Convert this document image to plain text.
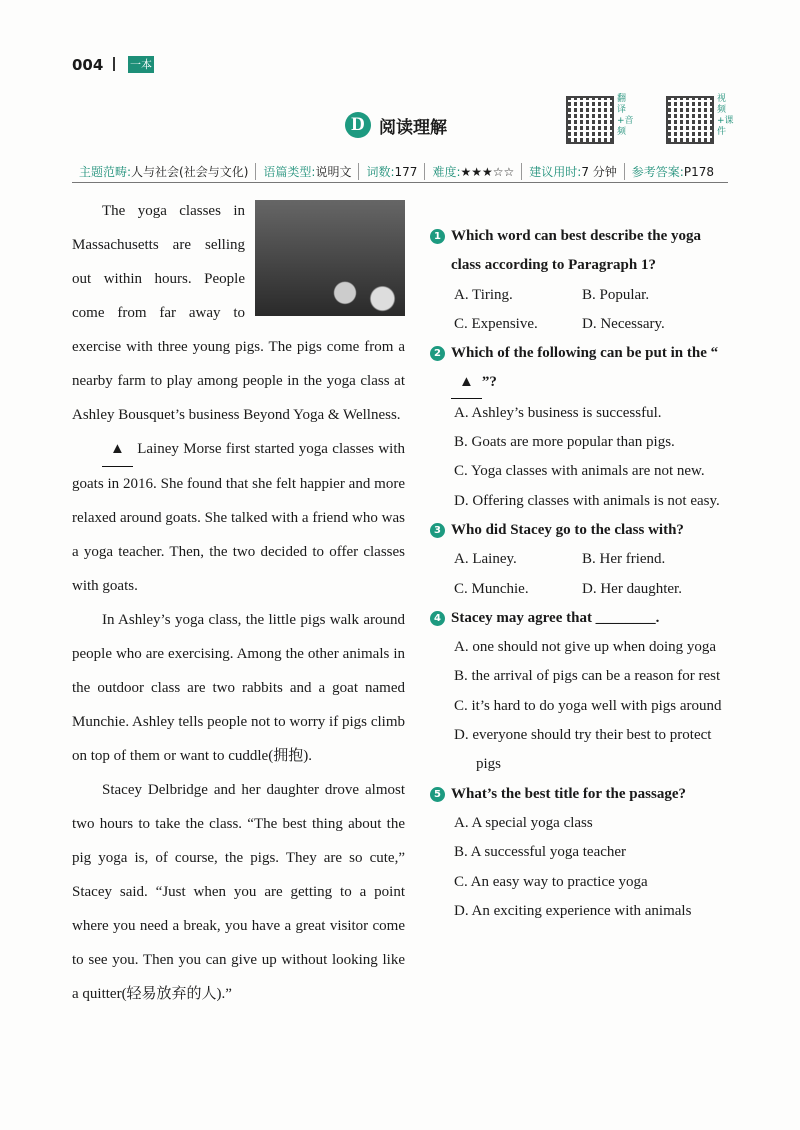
004 一本
D 阅读理解
翻译+音频
视频+课件
主题范畴:人与社会(社会与文化)	语篇类型:说明文	词数:177	难度:★★★☆☆	建议用时:7 分钟	参考答案:P178

The yoga classes in Massachusetts are selling out within hours. People come from far away to exercise with three young pigs. The pigs come from a nearby farm to play among people in the yoga class at Ashley Bousquet’s business Beyond Yoga & Wellness.

▲ Lainey Morse first started yoga classes with goats in 2016. She found that she felt happier and more relaxed around goats. She talked with a friend who was a yoga teacher. Then, the two decided to offer classes with goats.

In Ashley’s yoga class, the little pigs walk around people who are exercising. Among the other animals in the outdoor class are two rabbits and a goat named Munchie. Ashley tells people not to worry if pigs climb on top of them or want to cuddle(拥抱).

Stacey Delbridge and her daughter drove almost two hours to take the class. “The best thing about the pig yoga is, of course, the pigs. They are so cute,” Stacey said. “Just when you are getting to a point where you need a break, you have a great visitor come to see you. Then you can give up without looking like a quitter(轻易放弃的人).”

1 Which word can best describe the yoga class according to Paragraph 1?
A. Tiring.	B. Popular.
C. Expensive.	D. Necessary.
2 Which of the following can be put in the “▲ ”?
A. Ashley’s business is successful.
B. Goats are more popular than pigs.
C. Yoga classes with animals are not new.
D. Offering classes with animals is not easy.
3 Who did Stacey go to the class with?
A. Lainey.	B. Her friend.
C. Munchie.	D. Her daughter.
4 Stacey may agree that ________.
A. one should not give up when doing yoga
B. the arrival of pigs can be a reason for rest
C. it’s hard to do yoga well with pigs around
D. everyone should try their best to protect pigs
5 What’s the best title for the passage?
A. A special yoga class
B. A successful yoga teacher
C. An easy way to practice yoga
D. An exciting experience with animals
